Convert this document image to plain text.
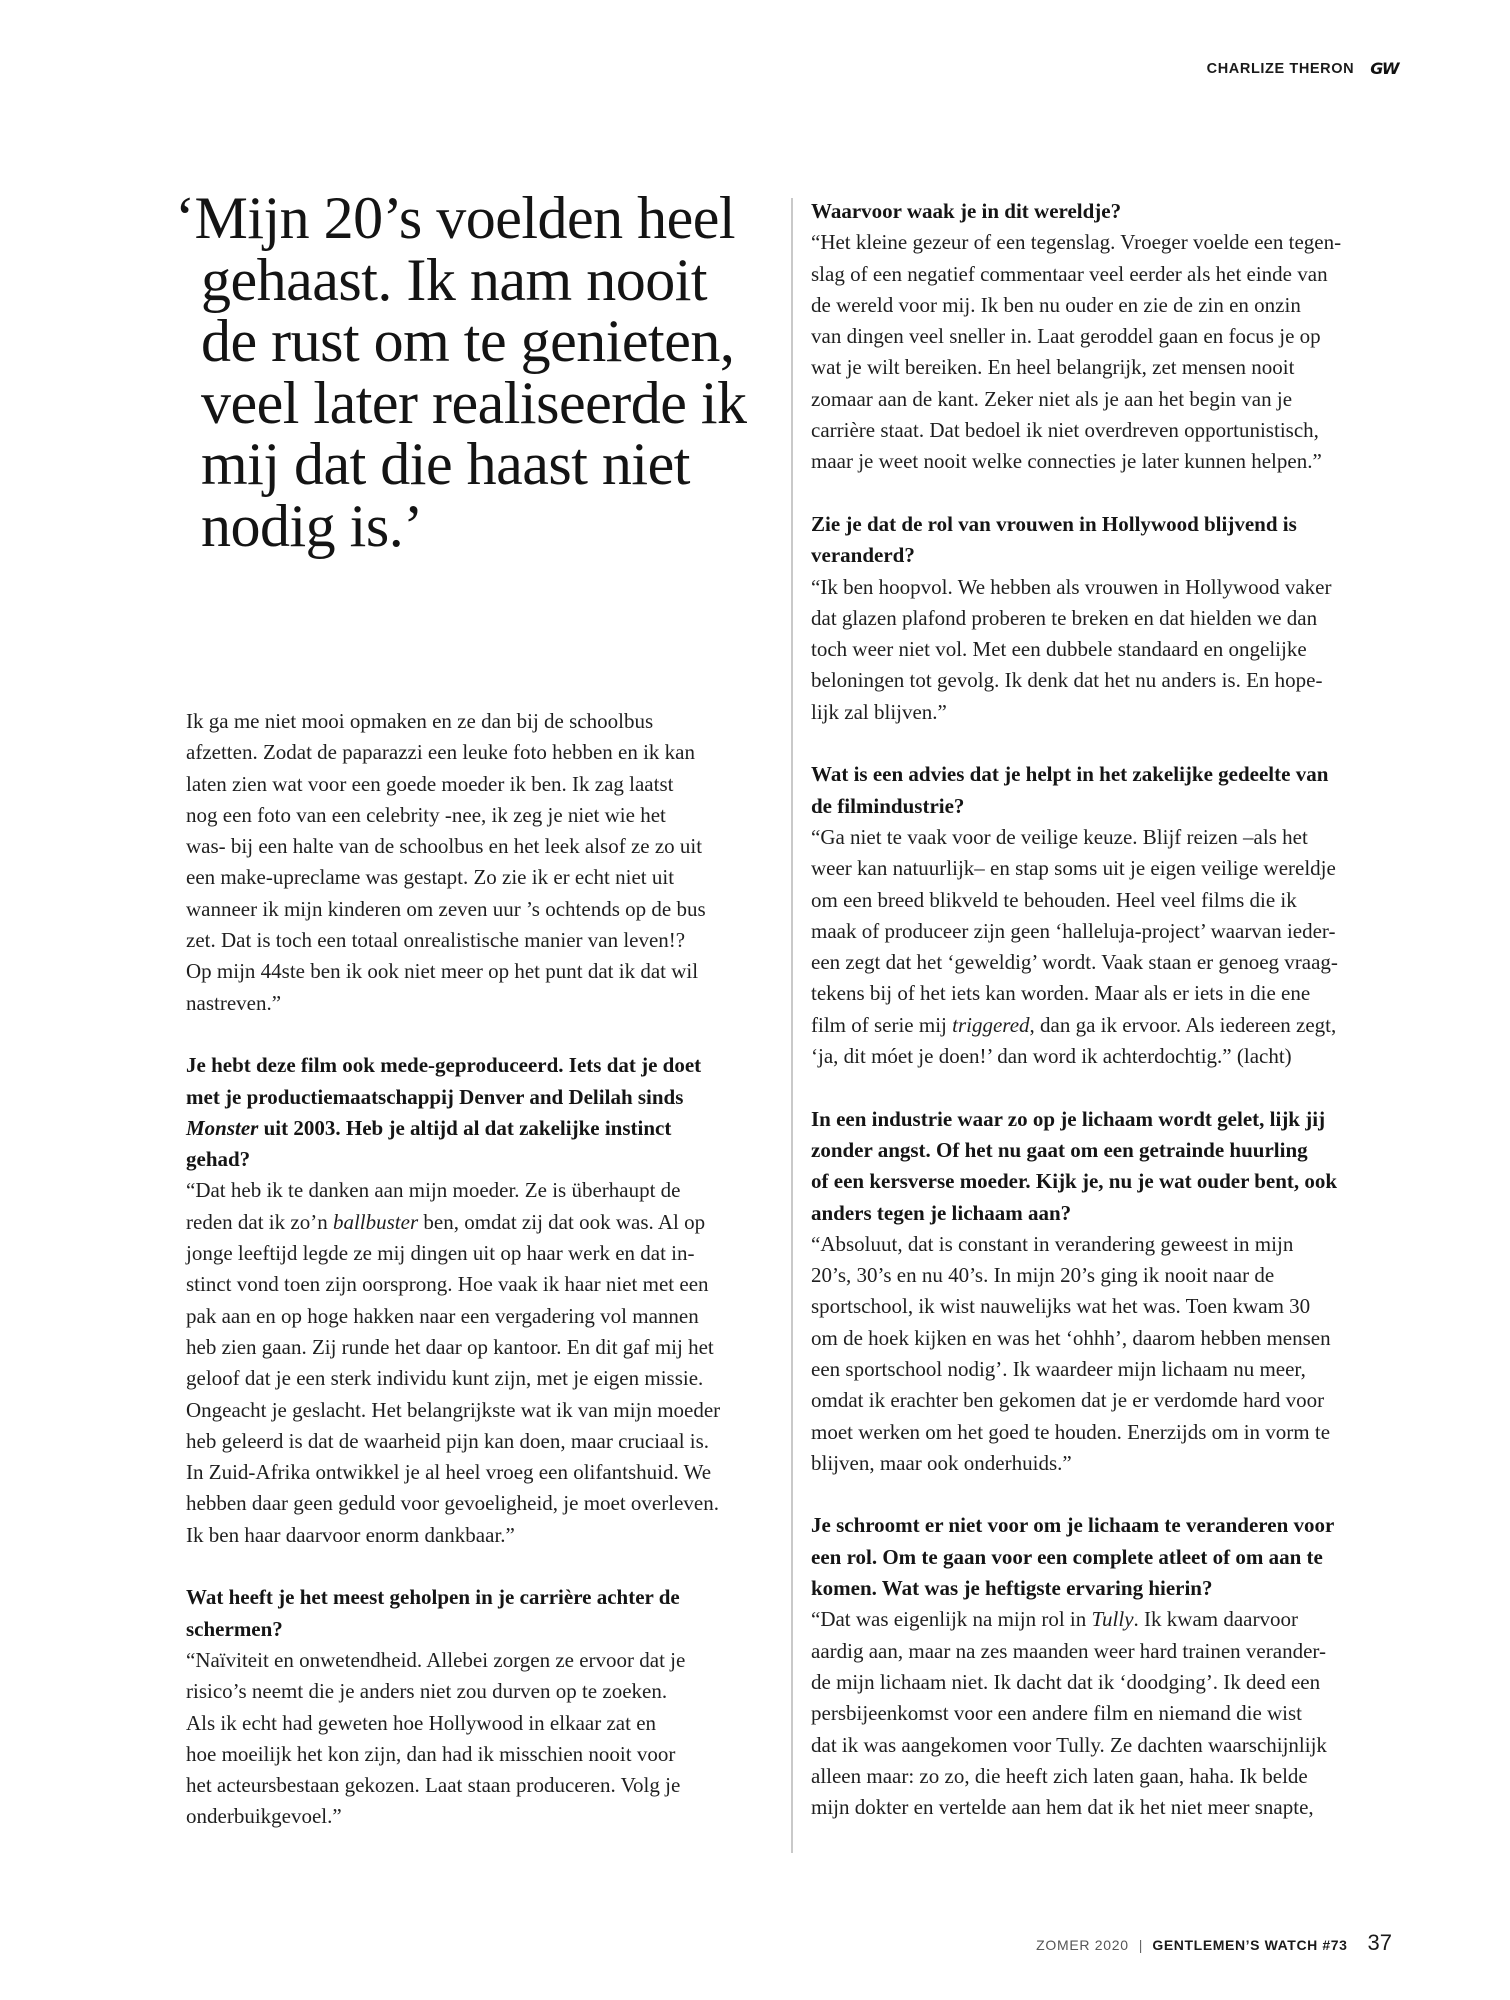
CHARLIZE THERON GW
‘Mijn 20’s voelden heel
gehaast. Ik nam nooit
de rust om te genieten,
veel later realiseerde ik
mij dat die haast niet
nodig is.’
Ik ga me niet mooi opmaken en ze dan bij de schoolbus
afzetten. Zodat de paparazzi een leuke foto hebben en ik kan
laten zien wat voor een goede moeder ik ben. Ik zag laatst
nog een foto van een celebrity -nee, ik zeg je niet wie het
was- bij een halte van de schoolbus en het leek alsof ze zo uit
een make-upreclame was gestapt. Zo zie ik er echt niet uit
wanneer ik mijn kinderen om zeven uur ’s ochtends op de bus
zet. Dat is toch een totaal onrealistische manier van leven!?
Op mijn 44ste ben ik ook niet meer op het punt dat ik dat wil
nastreven.”
Je hebt deze film ook mede-geproduceerd. Iets dat je doet
met je productiemaatschappij Denver and Delilah sinds
Monster uit 2003. Heb je altijd al dat zakelijke instinct
gehad?
“Dat heb ik te danken aan mijn moeder. Ze is überhaupt de
reden dat ik zo’n ballbuster ben, omdat zij dat ook was. Al op
jonge leeftijd legde ze mij dingen uit op haar werk en dat in-
stinct vond toen zijn oorsprong. Hoe vaak ik haar niet met een
pak aan en op hoge hakken naar een vergadering vol mannen
heb zien gaan. Zij runde het daar op kantoor. En dit gaf mij het
geloof dat je een sterk individu kunt zijn, met je eigen missie.
Ongeacht je geslacht. Het belangrijkste wat ik van mijn moeder
heb geleerd is dat de waarheid pijn kan doen, maar cruciaal is.
In Zuid-Afrika ontwikkel je al heel vroeg een olifantshuid. We
hebben daar geen geduld voor gevoeligheid, je moet overleven.
Ik ben haar daarvoor enorm dankbaar.”
Wat heeft je het meest geholpen in je carrière achter de
schermen?
“Naïviteit en onwetendheid. Allebei zorgen ze ervoor dat je
risico’s neemt die je anders niet zou durven op te zoeken.
Als ik echt had geweten hoe Hollywood in elkaar zat en
hoe moeilijk het kon zijn, dan had ik misschien nooit voor
het acteursbestaan gekozen. Laat staan produceren. Volg je
onderbuikgevoel.”
Waarvoor waak je in dit wereldje?
“Het kleine gezeur of een tegenslag. Vroeger voelde een tegen-
slag of een negatief commentaar veel eerder als het einde van
de wereld voor mij. Ik ben nu ouder en zie de zin en onzin
van dingen veel sneller in. Laat geroddel gaan en focus je op
wat je wilt bereiken. En heel belangrijk, zet mensen nooit
zomaar aan de kant. Zeker niet als je aan het begin van je
carrière staat. Dat bedoel ik niet overdreven opportunistisch,
maar je weet nooit welke connecties je later kunnen helpen.”
Zie je dat de rol van vrouwen in Hollywood blijvend is
veranderd?
“Ik ben hoopvol. We hebben als vrouwen in Hollywood vaker
dat glazen plafond proberen te breken en dat hielden we dan
toch weer niet vol. Met een dubbele standaard en ongelijke
beloningen tot gevolg. Ik denk dat het nu anders is. En hope-
lijk zal blijven.”
Wat is een advies dat je helpt in het zakelijke gedeelte van
de filmindustrie?
“Ga niet te vaak voor de veilige keuze. Blijf reizen –als het
weer kan natuurlijk– en stap soms uit je eigen veilige wereldje
om een breed blikveld te behouden. Heel veel films die ik
maak of produceer zijn geen ‘halleluja-project’ waarvan ieder-
een zegt dat het ‘geweldig’ wordt. Vaak staan er genoeg vraag-
tekens bij of het iets kan worden. Maar als er iets in die ene
film of serie mij triggered, dan ga ik ervoor. Als iedereen zegt,
‘ja, dit móet je doen!’ dan word ik achterdochtig.” (lacht)
In een industrie waar zo op je lichaam wordt gelet, lijk jij
zonder angst. Of het nu gaat om een getrainde huurling
of een kersverse moeder. Kijk je, nu je wat ouder bent, ook
anders tegen je lichaam aan?
“Absoluut, dat is constant in verandering geweest in mijn
20’s, 30’s en nu 40’s. In mijn 20’s ging ik nooit naar de
sportschool, ik wist nauwelijks wat het was. Toen kwam 30
om de hoek kijken en was het ‘ohhh’, daarom hebben mensen
een sportschool nodig’. Ik waardeer mijn lichaam nu meer,
omdat ik erachter ben gekomen dat je er verdomde hard voor
moet werken om het goed te houden. Enerzijds om in vorm te
blijven, maar ook onderhuids.”
Je schroomt er niet voor om je lichaam te veranderen voor
een rol. Om te gaan voor een complete atleet of om aan te
komen. Wat was je heftigste ervaring hierin?
“Dat was eigenlijk na mijn rol in Tully. Ik kwam daarvoor
aardig aan, maar na zes maanden weer hard trainen verander-
de mijn lichaam niet. Ik dacht dat ik ‘doodging’. Ik deed een
persbijeenkomst voor een andere film en niemand die wist
dat ik was aangekomen voor Tully. Ze dachten waarschijnlijk
alleen maar: zo zo, die heeft zich laten gaan, haha. Ik belde
mijn dokter en vertelde aan hem dat ik het niet meer snapte,
ZOMER 2020 | GENTLEMEN’S WATCH #73 37
